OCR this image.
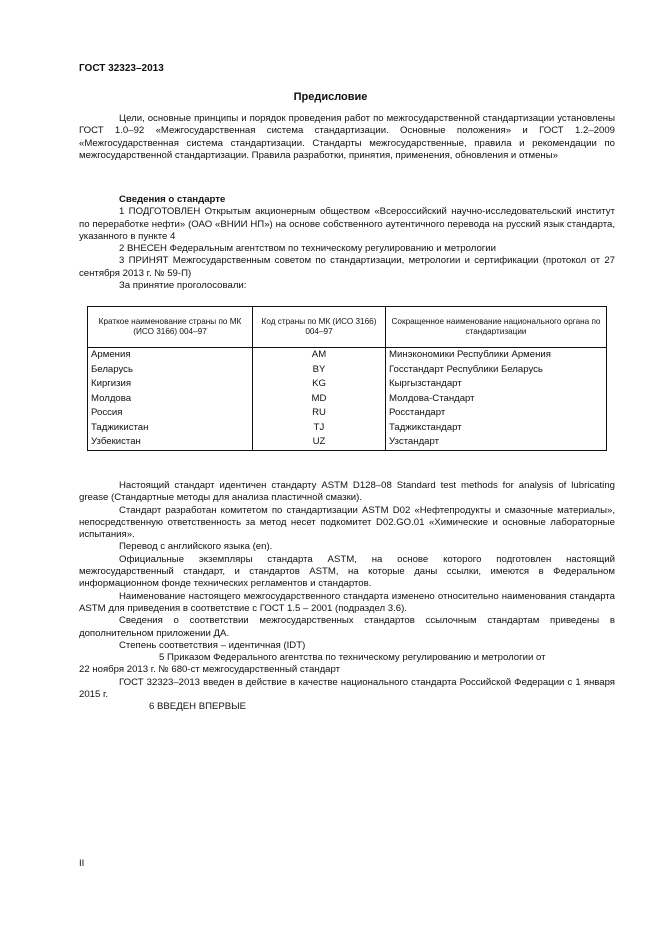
ГОСТ 32323–2013
Предисловие

Цели, основные принципы и порядок проведения работ по межгосударственной стандартизации установлены ГОСТ 1.0–92 «Межгосударственная система стандартизации. Основные положения» и ГОСТ 1.2–2009 «Межгосударственная система стандартизации. Стандарты межгосударственные, правила и рекомендации по межгосударственной стандартизации. Правила разработки, принятия, применения, обновления и отмены»

Сведения о стандарте

1 ПОДГОТОВЛЕН Открытым акционерным обществом «Всероссийский научно-исследовательский институт по переработке нефти» (ОАО «ВНИИ НП») на основе собственного аутентичного перевода на русский язык стандарта, указанного в пункте 4

2 ВНЕСЕН Федеральным агентством по техническому регулированию и метрологии

3 ПРИНЯТ Межгосударственным советом по стандартизации, метрологии и сертификации (протокол от 27 сентября 2013 г. № 59-П)

За принятие проголосовали:

Краткое наименование страны по МК (ИСО 3166) 004–97	Код страны по МК (ИСО 3166) 004–97	Сокращенное наименование национального органа по стандартизации
Армения	AM	Минэкономики Республики Армения
Беларусь	BY	Госстандарт Республики Беларусь
Киргизия	KG	Кыргызстандарт
Молдова	MD	Молдова-Стандарт
Россия	RU	Росстандарт
Таджикистан	TJ	Таджикстандарт
Узбекистан	UZ	Узстандарт

Настоящий стандарт идентичен стандарту ASTM D128–08 Standard test methods for analysis of lubricating grease (Стандартные методы для анализа пластичной смазки).

Стандарт разработан комитетом по стандартизации ASTM D02 «Нефтепродукты и смазочные материалы», непосредственную ответственность за метод несет подкомитет D02.GO.01 «Химические и основные лабораторные испытания».

Перевод с английского языка (en).

Официальные экземпляры стандарта ASTM, на основе которого подготовлен настоящий межгосударственный стандарт, и стандартов ASTM, на которые даны ссылки, имеются в Федеральном информационном фонде технических регламентов и стандартов.

Наименование настоящего межгосударственного стандарта изменено относительно наименования стандарта ASTM для приведения в соответствие с ГОСТ 1.5 – 2001 (подраздел 3.6).

Сведения о соответствии межгосударственных стандартов ссылочным стандартам приведены в дополнительном приложении ДА.

Степень соответствия – идентичная (IDT)

5 Приказом Федерального агентства по техническому регулированию и метрологии от

22 ноября 2013 г. № 680-ст межгосударственный стандарт

ГОСТ 32323–2013 введен в действие в качестве национального стандарта Российской Федерации с 1 января 2015 г.

6 ВВЕДЕН ВПЕРВЫЕ

II
